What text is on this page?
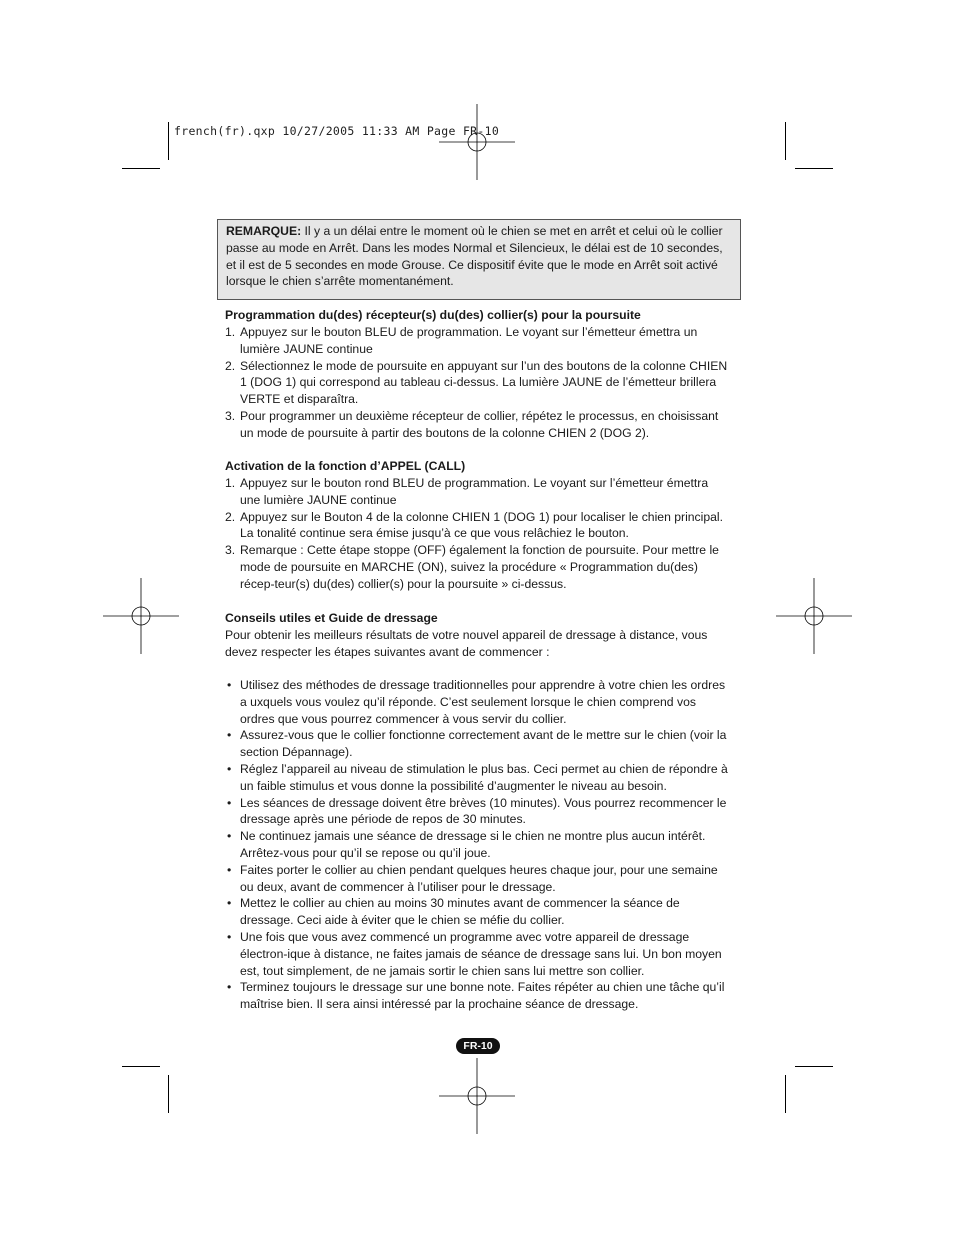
french(fr).qxp 10/27/2005 11:33 AM Page FR-10
REMARQUE: Il y a un délai entre le moment où le chien se met en arrêt et celui où le collier passe au mode en Arrêt. Dans les modes Normal et Silencieux, le délai est de 10 secondes, et il est de 5 secondes en mode Grouse. Ce dispositif évite que le mode en Arrêt soit activé lorsque le chien s’arrête momentanément.

Programmation du(des) récepteur(s) du(des) collier(s) pour la poursuite

1. Appuyez sur le bouton BLEU de programmation. Le voyant sur l’émetteur émettra un lumière JAUNE continue
2. Sélectionnez le mode de poursuite en appuyant sur l’un des boutons de la colonne CHIEN 1 (DOG 1) qui correspond au tableau ci-dessus. La lumière JAUNE de l’émetteur brillera VERTE et disparaîtra.
3. Pour programmer un deuxième récepteur de collier, répétez le processus, en choisissant un mode de poursuite à partir des boutons de la colonne CHIEN 2 (DOG 2).

Activation de la fonction d’APPEL (CALL)

1. Appuyez sur le bouton rond BLEU de programmation. Le voyant sur l’émetteur émettra une lumière JAUNE continue
2. Appuyez sur le Bouton 4 de la colonne CHIEN 1 (DOG 1) pour localiser le chien principal. La tonalité continue sera émise jusqu’à ce que vous relâchiez le bouton.
3. Remarque : Cette étape stoppe (OFF) également la fonction de poursuite. Pour mettre le mode de poursuite en MARCHE (ON), suivez la procédure « Programmation du(des) récep-teur(s) du(des) collier(s) pour la poursuite » ci-dessus.

Conseils utiles et Guide de dressage

Pour obtenir les meilleurs résultats de votre nouvel appareil de dressage à distance, vous devez respecter les étapes suivantes avant de commencer :

• Utilisez des méthodes de dressage traditionnelles pour apprendre à votre chien les ordres a uxquels vous voulez qu’il réponde. C’est seulement lorsque le chien comprend vos ordres que vous pourrez commencer à vous servir du collier.
• Assurez-vous que le collier fonctionne correctement avant de le mettre sur le chien (voir la section Dépannage).
• Réglez l’appareil au niveau de stimulation le plus bas. Ceci permet au chien de répondre à un faible stimulus et vous donne la possibilité d’augmenter le niveau au besoin.
• Les séances de dressage doivent être brèves (10 minutes). Vous pourrez recommencer le dressage après une période de repos de 30 minutes.
• Ne continuez jamais une séance de dressage si le chien ne montre plus aucun intérêt. Arrêtez-vous pour qu’il se repose ou qu’il joue.
• Faites porter le collier au chien pendant quelques heures chaque jour, pour une semaine ou deux, avant de commencer à l’utiliser pour le dressage.
• Mettez le collier au chien au moins 30 minutes avant de commencer la séance de dressage. Ceci aide à éviter que le chien se méfie du collier.
• Une fois que vous avez commencé un programme avec votre appareil de dressage électron-ique à distance, ne faites jamais de séance de dressage sans lui. Un bon moyen est, tout simplement, de ne jamais sortir le chien sans lui mettre son collier.
• Terminez toujours le dressage sur une bonne note. Faites répéter au chien une tâche qu’il maîtrise bien. Il sera ainsi intéressé par la prochaine séance de dressage.
FR-10
